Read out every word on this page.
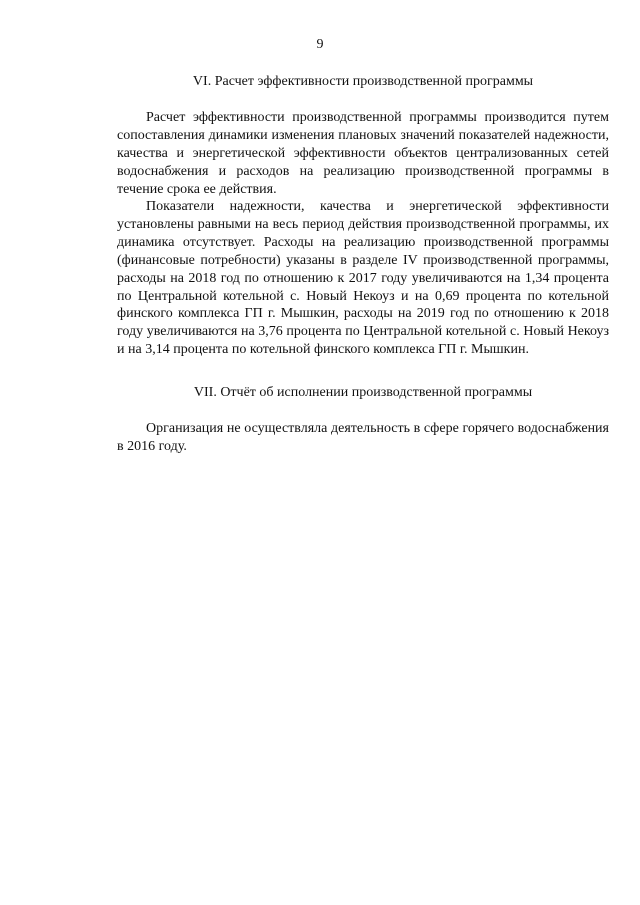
9

VI. Расчет эффективности производственной программы

Расчет эффективности производственной программы производится путем сопоставления динамики изменения плановых значений показателей надежности, качества и энергетической эффективности объектов централизованных сетей водоснабжения и расходов на реализацию производственной программы в течение срока ее действия.

Показатели надежности, качества и энергетической эффективности установлены равными на весь период действия производственной программы, их динамика отсутствует. Расходы на реализацию производственной программы (финансовые потребности) указаны в разделе IV производственной программы, расходы на 2018 год по отношению к 2017 году увеличиваются на 1,34 процента по Центральной котельной с. Новый Некоуз и на 0,69 процента по котельной финского комплекса ГП г. Мышкин, расходы на 2019 год по отношению к 2018 году увеличиваются на 3,76 процента по Центральной котельной с. Новый Некоуз и на 3,14 процента по котельной финского комплекса ГП г. Мышкин.

VII. Отчёт об исполнении производственной программы

Организация не осуществляла деятельность в сфере горячего водоснабжения в 2016 году.
